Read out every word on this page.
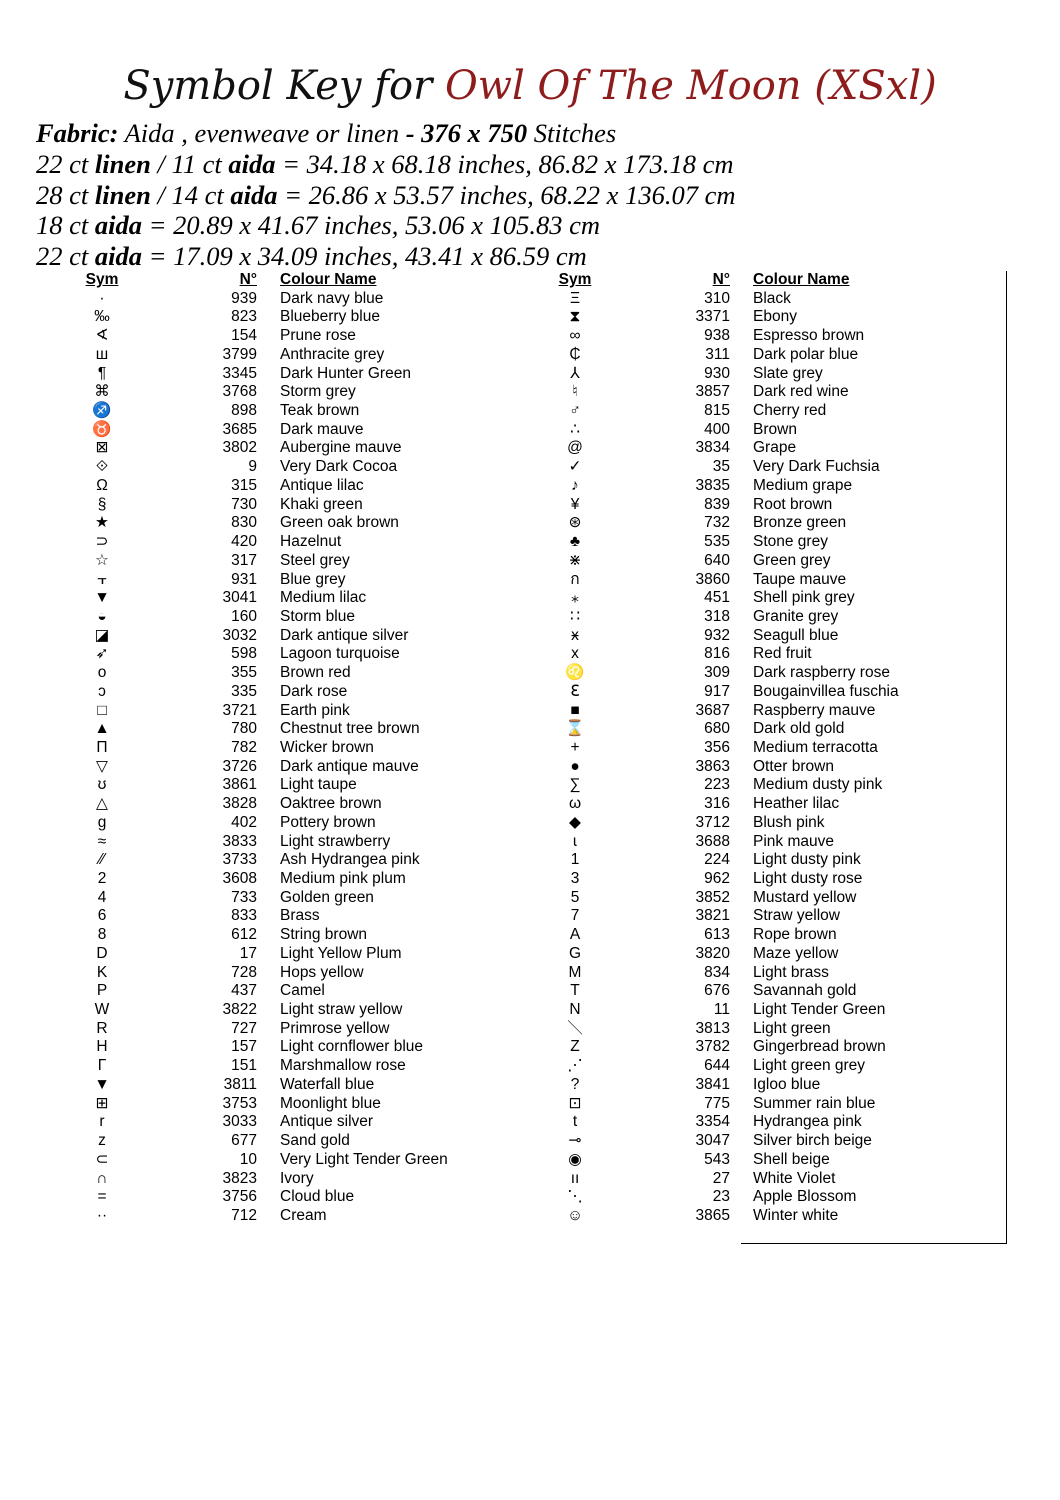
Symbol Key for Owl Of The Moon (XSxl)
Fabric: Aida , evenweave or linen - 376 x 750 Stitches
22 ct linen / 11 ct aida = 34.18 x 68.18 inches, 86.82 x 173.18 cm
28 ct linen / 14 ct aida = 26.86 x 53.57 inches, 68.22 x 136.07 cm
18 ct aida = 20.89 x 41.67 inches, 53.06 x 105.83 cm
22 ct aida = 17.09 x 34.09 inches, 43.41 x 86.59 cm
Sym	N° Colour Name
·	939 Dark navy blue
‰	823 Blueberry blue
∢	154 Prune rose
ш	3799 Anthracite grey
¶	3345 Dark Hunter Green
⌘	3768 Storm grey
♐	898 Teak brown
♉	3685 Dark mauve
⊠	3802 Aubergine mauve
⟐	9 Very Dark Cocoa
Ω	315 Antique lilac
§	730 Khaki green
★	830 Green oak brown
⊃	420 Hazelnut
☆	317 Steel grey
⫟	931 Blue grey
▼	3041 Medium lilac
◒	160 Storm blue
◪	3032 Dark antique silver
➶	598 Lagoon turquoise
o	355 Brown red
ↄ	335 Dark rose
□	3721 Earth pink
▲	780 Chestnut tree brown
Π	782 Wicker brown
▽	3726 Dark antique mauve
ʊ	3861 Light taupe
△	3828 Oaktree brown
g	402 Pottery brown
≈	3833 Light strawberry
⁄⁄	3733 Ash Hydrangea pink
2	3608 Medium pink plum
4	733 Golden green
6	833 Brass
8	612 String brown
D	17 Light Yellow Plum
K	728 Hops yellow
P	437 Camel
W	3822 Light straw yellow
R	727 Primrose yellow
H	157 Light cornflower blue
Γ	151 Marshmallow rose
▼	3811 Waterfall blue
⊞	3753 Moonlight blue
r	3033 Antique silver
z	677 Sand gold
⊂	10 Very Light Tender Green
∩	3823 Ivory
=	3756 Cloud blue
··	712 Cream
Sym	N° Colour Name
Ξ	310 Black
⧗	3371 Ebony
∞	938 Espresso brown
₵	311 Dark polar blue
⅄	930 Slate grey
♮	3857 Dark red wine
♂	815 Cherry red
∴	400 Brown
@	3834 Grape
✓	35 Very Dark Fuchsia
♪	3835 Medium grape
¥	839 Root brown
⊛	732 Bronze green
♣	535 Stone grey
⋇	640 Green grey
ก	3860 Taupe mauve
⁎	451 Shell pink grey
∷	318 Granite grey
ӿ	932 Seagull blue
x	816 Red fruit
♌	309 Dark raspberry rose
ℇ	917 Bougainvillea fuschia
■	3687 Raspberry mauve
⌛	680 Dark old gold
+	356 Medium terracotta
●	3863 Otter brown
∑	223 Medium dusty pink
ω	316 Heather lilac
◆	3712 Blush pink
ɩ	3688 Pink mauve
1	224 Light dusty pink
3	962 Light dusty rose
5	3852 Mustard yellow
7	3821 Straw yellow
A	613 Rope brown
G	3820 Maze yellow
M	834 Light brass
T	676 Savannah gold
N	11 Light Tender Green
＼	3813 Light green
Z	3782 Gingerbread brown
⋰	644 Light green grey
?	3841 Igloo blue
⊡	775 Summer rain blue
t	3354 Hydrangea pink
⊸	3047 Silver birch beige
◉	543 Shell beige
ıı	27 White Violet
⋱	23 Apple Blossom
☺	3865 Winter white
